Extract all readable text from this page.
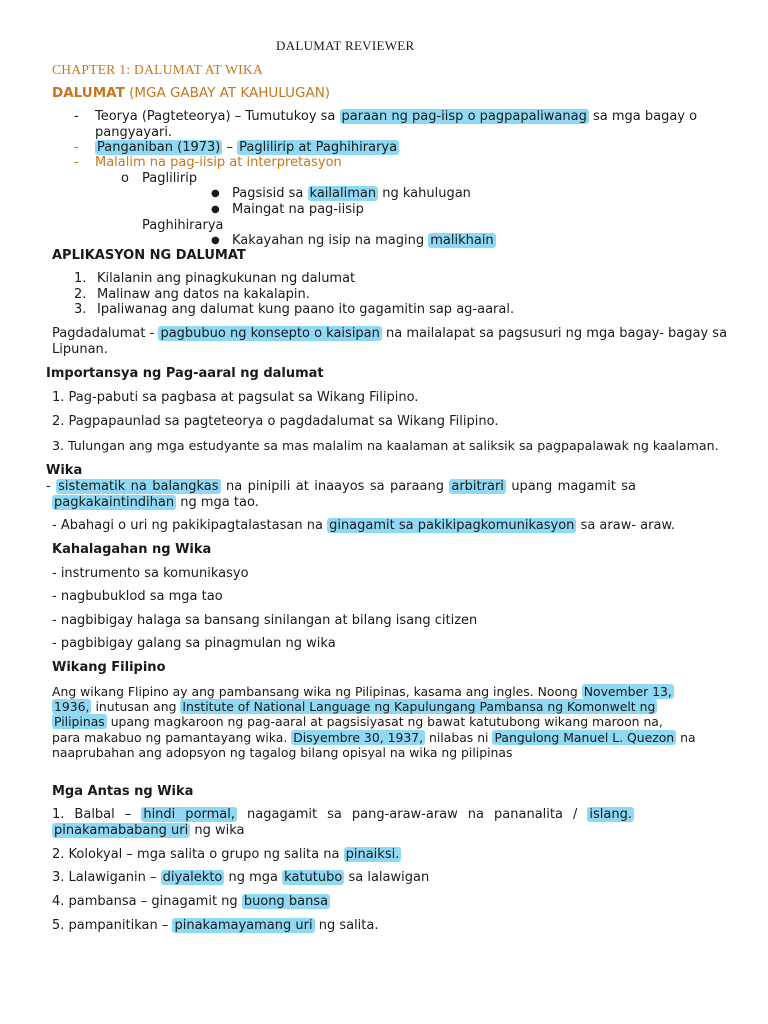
DALUMAT REVIEWER
CHAPTER 1: DALUMAT AT WIKA
DALUMAT (MGA GABAY AT KAHULUGAN)
- Teorya (Pagteteorya) – Tumutukoy sa paraan ng pag-iisp o pagpapaliwanag sa mga bagay o
pangyayari.
- Panganiban (1973) – Paglilirip at Paghihirarya
- Malalim na pag-iisip at interpretasyon
o Paglilirip
● Pagsisid sa kailaliman ng kahulugan
● Maingat na pag-iisip
Paghihirarya
● Kakayahan ng isip na maging malikhain
APLIKASYON NG DALUMAT
1. Kilalanin ang pinagkukunan ng dalumat
2. Malinaw ang datos na kakalapin.
3. Ipaliwanag ang dalumat kung paano ito gagamitin sap ag-aaral.
Pagdadalumat - pagbubuo ng konsepto o kaisipan na mailalapat sa pagsusuri ng mga bagay- bagay sa
Lipunan.
Importansya ng Pag-aaral ng dalumat
1. Pag-pabuti sa pagbasa at pagsulat sa Wikang Filipino.
2. Pagpapaunlad sa pagteteorya o pagdadalumat sa Wikang Filipino.
3. Tulungan ang mga estudyante sa mas malalim na kaalaman at saliksik sa pagpapalawak ng kaalaman.
Wika
- sistematik na balangkas na pinipili at inaayos sa paraang arbitrari upang magamit sa
pagkakaintindihan ng mga tao.
- Abahagi o uri ng pakikipagtalastasan na ginagamit sa pakikipagkomunikasyon sa araw- araw.
Kahalagahan ng Wika
- instrumento sa komunikasyo
- nagbubuklod sa mga tao
- nagbibigay halaga sa bansang sinilangan at bilang isang citizen
- pagbibigay galang sa pinagmulan ng wika
Wikang Filipino
Ang wikang Flipino ay ang pambansang wika ng Pilipinas, kasama ang ingles. Noong November 13,
1936, inutusan ang Institute of National Language ng Kapulungang Pambansa ng Komonwelt ng
Pilipinas upang magkaroon ng pag-aaral at pagsisiyasat ng bawat katutubong wikang maroon na,
para makabuo ng pamantayang wika. Disyembre 30, 1937, nilabas ni Pangulong Manuel L. Quezon na
naaprubahan ang adopsyon ng tagalog bilang opisyal na wika ng pilipinas
Mga Antas ng Wika
1. Balbal – hindi pormal, nagagamit sa pang-araw-araw na pananalita / islang.
pinakamababang uri ng wika
2. Kolokyal – mga salita o grupo ng salita na pinaiksi.
3. Lalawiganin – diyalekto ng mga katutubo sa lalawigan
4. pambansa – ginagamit ng buong bansa
5. pampanitikan – pinakamayamang uri ng salita.
